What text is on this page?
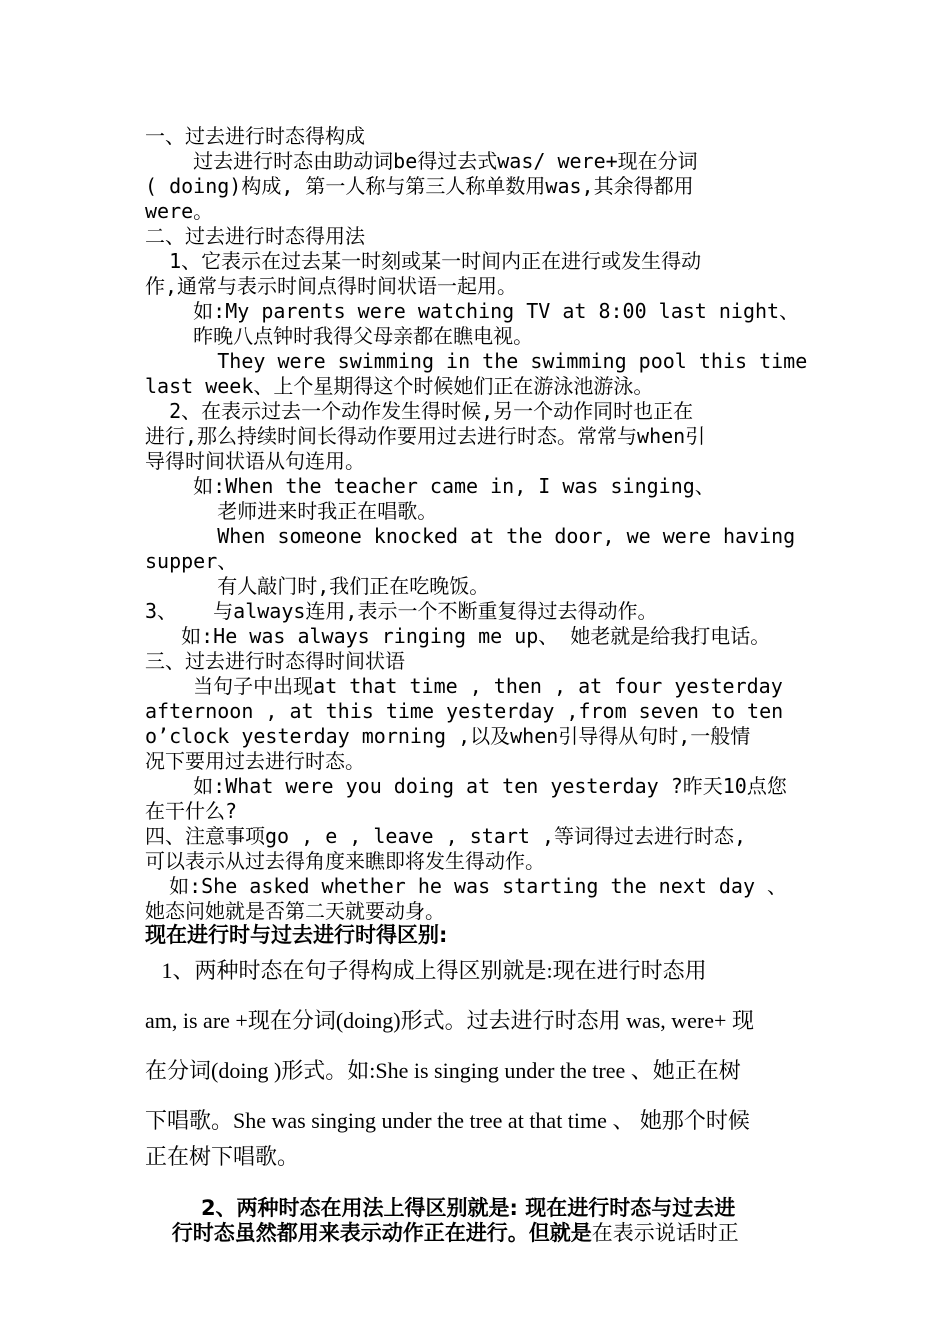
一、过去进行时态得构成
过去进行时态由助动词be得过去式was/ were+现在分词
( doing)构成, 第一人称与第三人称单数用was,其余得都用
were。
二、过去进行时态得用法
1、它表示在过去某一时刻或某一时间内正在进行或发生得动
作,通常与表示时间点得时间状语一起用。
如:My parents were watching TV at 8:00 last night、
昨晚八点钟时我得父母亲都在瞧电视。
They were swimming in the swimming pool this time
last week、上个星期得这个时候她们正在游泳池游泳。
2、在表示过去一个动作发生得时候,另一个动作同时也正在
进行,那么持续时间长得动作要用过去进行时态。常常与when引
导得时间状语从句连用。
如:When the teacher came in, I was singing、
老师进来时我正在唱歌。
When someone knocked at the door, we were having
supper、
有人敲门时,我们正在吃晚饭。
3、   与always连用,表示一个不断重复得过去得动作。
如:He was always ringing me up、 她老就是给我打电话。
三、过去进行时态得时间状语
当句子中出现at that time , then , at four yesterday
afternoon , at this time yesterday ,from seven to ten
o’clock yesterday morning ,以及when引导得从句时,一般情
况下要用过去进行时态。
如:What were you doing at ten yesterday ?昨天10点您
在干什么?
四、注意事项go , e , leave , start ,等词得过去进行时态,
可以表示从过去得角度来瞧即将发生得动作。
如:She asked whether he was starting the next day 、
她态问她就是否第二天就要动身。
现在进行时与过去进行时得区别:
1、两种时态在句子得构成上得区别就是:现在进行时态用
am, is are +现在分词(doing)形式。过去进行时态用 was, were+ 现
在分词(doing )形式。如:She is singing under the tree 、她正在树
下唱歌。She was singing under the tree at that time 、 她那个时候
正在树下唱歌。

2、两种时态在用法上得区别就是: 现在进行时态与过去进

行时态虽然都用来表示动作正在进行。但就是在表示说话时正
